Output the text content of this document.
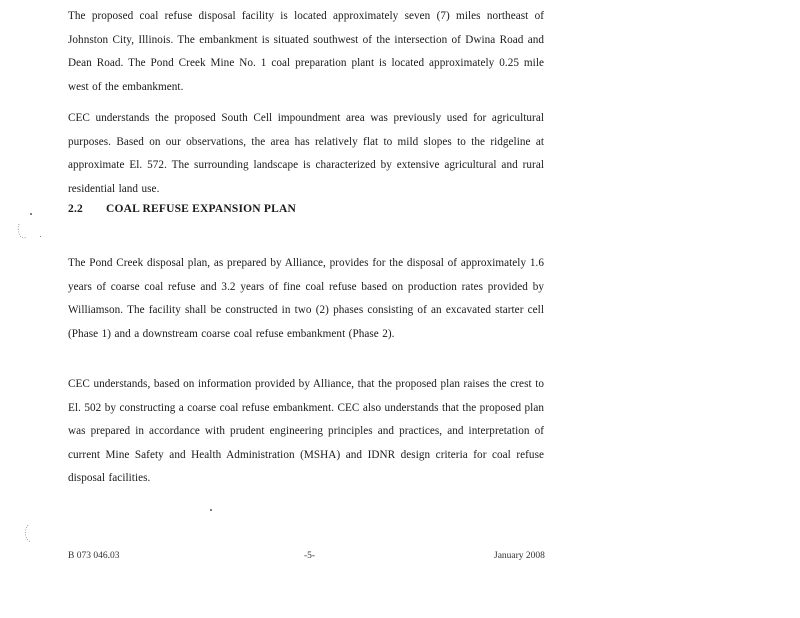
The proposed coal refuse disposal facility is located approximately seven (7) miles northeast of Johnston City, Illinois. The embankment is situated southwest of the intersection of Dwina Road and Dean Road. The Pond Creek Mine No. 1 coal preparation plant is located approximately 0.25 mile west of the embankment.

CEC understands the proposed South Cell impoundment area was previously used for agricultural purposes. Based on our observations, the area has relatively flat to mild slopes to the ridgeline at approximate El. 572. The surrounding landscape is characterized by extensive agricultural and rural residential land use.

2.2 COAL REFUSE EXPANSION PLAN

The Pond Creek disposal plan, as prepared by Alliance, provides for the disposal of approximately 1.6 years of coarse coal refuse and 3.2 years of fine coal refuse based on production rates provided by Williamson. The facility shall be constructed in two (2) phases consisting of an excavated starter cell (Phase 1) and a downstream coarse coal refuse embankment (Phase 2).

CEC understands, based on information provided by Alliance, that the proposed plan raises the crest to El. 502 by constructing a coarse coal refuse embankment. CEC also understands that the proposed plan was prepared in accordance with prudent engineering principles and practices, and interpretation of current Mine Safety and Health Administration (MSHA) and IDNR design criteria for coal refuse disposal facilities.

B 073 046.03	-5-	January 2008
